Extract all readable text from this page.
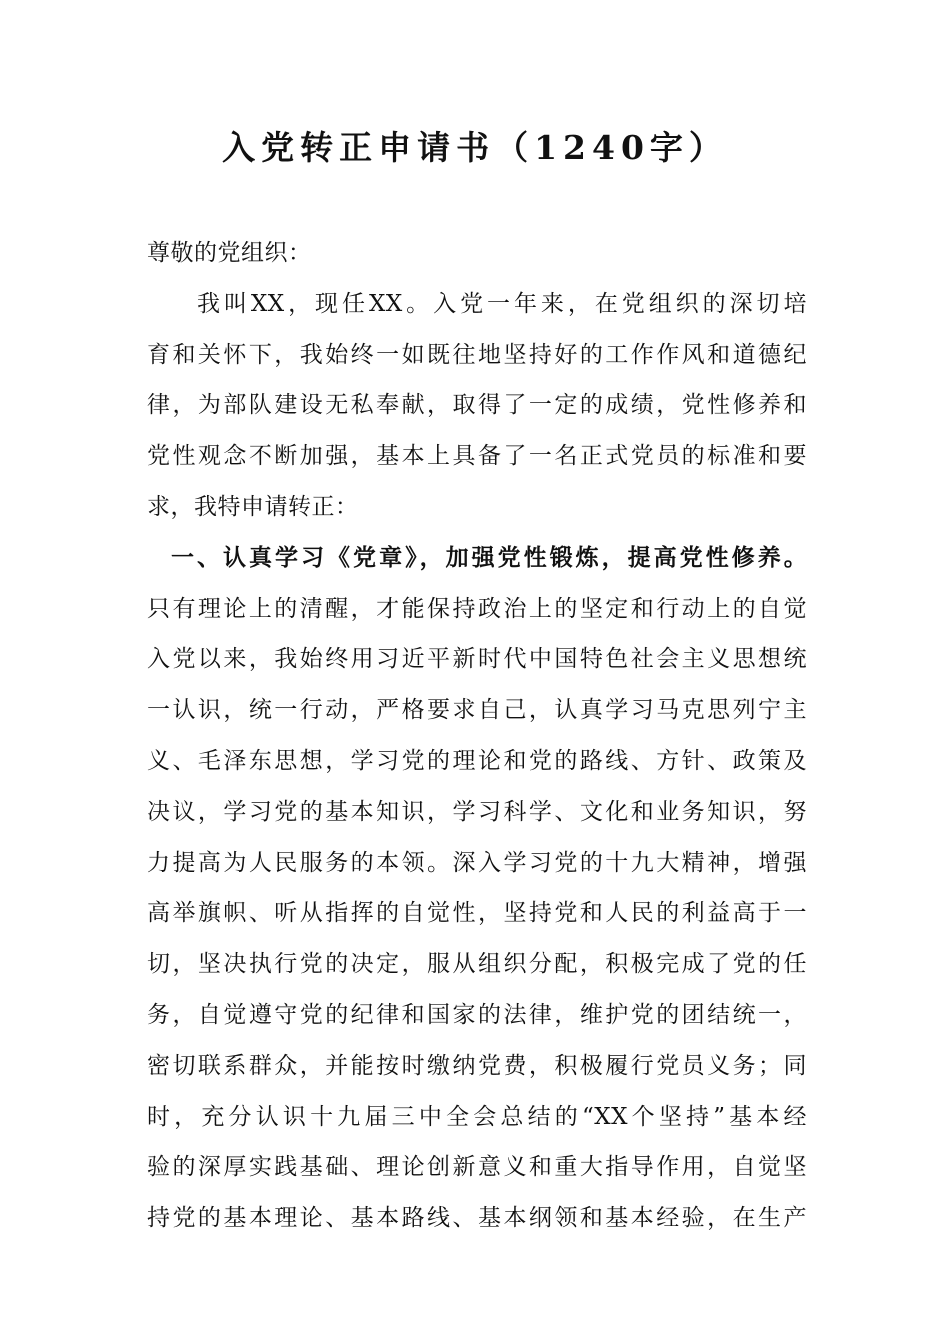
入党转正申请书（1240字）
尊敬的党组织：
我叫XX，现任XX。入党一年来，在党组织的深切培
育和关怀下，我始终一如既往地坚持好的工作作风和道德纪
律，为部队建设无私奉献，取得了一定的成绩，党性修养和
党性观念不断加强，基本上具备了一名正式党员的标准和要
求，我特申请转正：
一、认真学习《党章》，加强党性锻炼，提高党性修养。
只有理论上的清醒，才能保持政治上的坚定和行动上的自觉
入党以来，我始终用习近平新时代中国特色社会主义思想统
一认识，统一行动，严格要求自己，认真学习马克思列宁主
义、毛泽东思想，学习党的理论和党的路线、方针、政策及
决议，学习党的基本知识，学习科学、文化和业务知识，努
力提高为人民服务的本领。深入学习党的十九大精神，增强
高举旗帜、听从指挥的自觉性，坚持党和人民的利益高于一
切，坚决执行党的决定，服从组织分配，积极完成了党的任
务，自觉遵守党的纪律和国家的法律，维护党的团结统一，
密切联系群众，并能按时缴纳党费，积极履行党员义务；同
时，充分认识十九届三中全会总结的“XX个坚持”基本经
验的深厚实践基础、理论创新意义和重大指导作用，自觉坚
持党的基本理论、基本路线、基本纲领和基本经验，在生产
